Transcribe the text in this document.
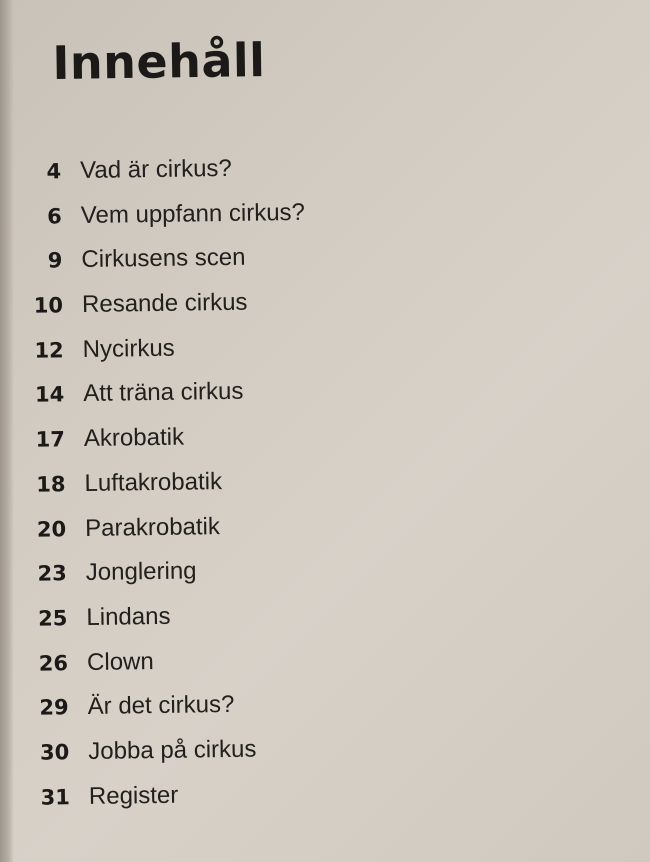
Innehåll
4 Vad är cirkus?
6 Vem uppfann cirkus?
9 Cirkusens scen
10 Resande cirkus
12 Nycirkus
14 Att träna cirkus
17 Akrobatik
18 Luftakrobatik
20 Parakrobatik
23 Jonglering
25 Lindans
26 Clown
29 Är det cirkus?
30 Jobba på cirkus
31 Register
